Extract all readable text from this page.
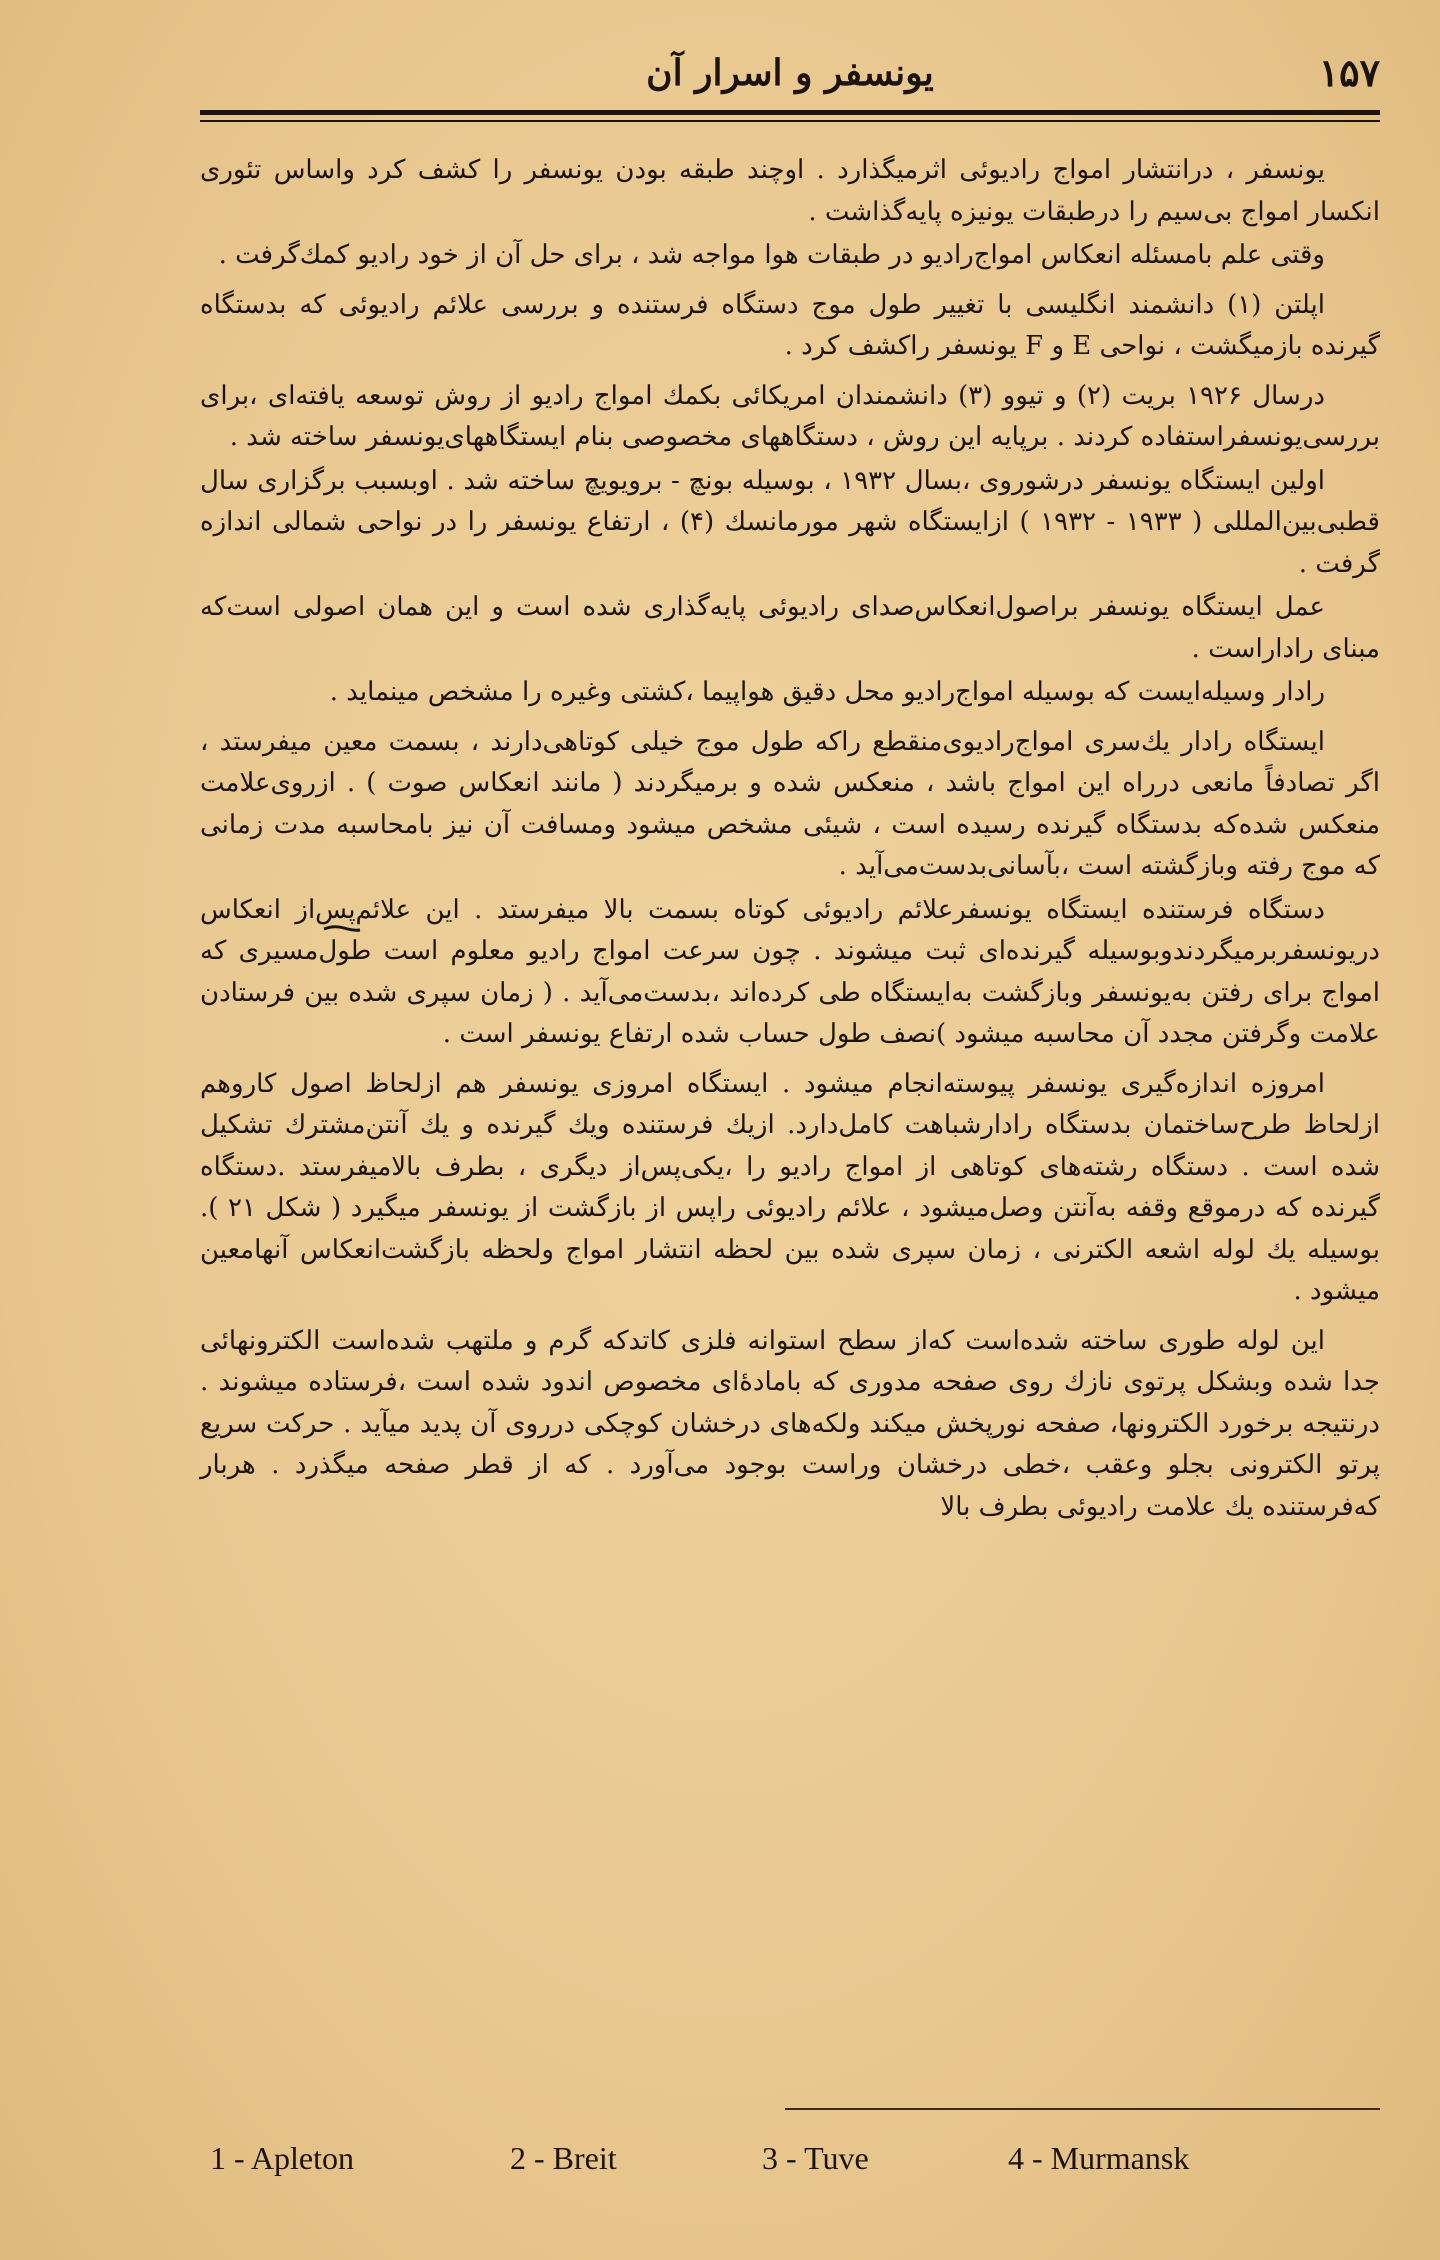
۱۵۷
یونسفر و اسرار آن

یونسفر ، درانتشار امواج رادیوئی اثرمیگذارد . اوچند طبقه بودن یونسفر را کشف کرد واساس تئوری انکسار امواج بی‌سیم را درطبقات یونیزه پایه‌گذاشت .

وقتی علم بامسئله انعکاس امواج‌رادیو در طبقات هوا مواجه شد ، برای حل آن از خود رادیو کمك‌گرفت .

اپلتن (۱) دانشمند انگلیسی با تغییر طول موج دستگاه فرستنده و بررسی علائم رادیوئی که بدستگاه گیرنده بازمیگشت ، نواحی E و F یونسفر راکشف کرد .

درسال ۱۹۲۶ بریت (۲) و تیوو (۳) دانشمندان امریکائی بکمك امواج رادیو از روش توسعه یافته‌ای ،برای بررسی‌یونسفراستفاده کردند . برپایه این روش ، دستگاههای مخصوصی بنام ایستگاههای‌یونسفر ساخته شد .

اولین ایستگاه یونسفر درشوروی ،بسال ۱۹۳۲ ، بوسیله بونچ - برویویچ ساخته شد . اوبسبب برگزاری سال قطبی‌بین‌المللی ( ۱۹۳۳ - ۱۹۳۲ ) ازایستگاه شهر مورمانسك (۴) ، ارتفاع یونسفر را در نواحی شمالی اندازه گرفت .

عمل ایستگاه یونسفر براصول‌انعکاس‌صدای رادیوئی پایه‌گذاری شده است و این همان اصولی است‌که مبنای راداراست .

رادار وسیله‌ایست که بوسیله امواج‌رادیو محل دقیق هواپیما ،کشتی وغیره را مشخص مینماید .

ایستگاه رادار یك‌سری امواج‌رادیوی‌منقطع راکه طول موج خیلی کوتاهی‌دارند ، بسمت معین میفرستد ، اگر تصادفاً مانعی درراه این امواج باشد ، منعکس شده و برمیگردند ( مانند انعکاس صوت ) . ازروی‌علامت منعکس شده‌که بدستگاه گیرنده رسیده است ، شیئی مشخص میشود ومسافت آن نیز بامحاسبه مدت زمانی که موج رفته وبازگشته است ،بآسانی‌بدست‌می‌آید .

دستگاه فرستنده ایستگاه یونسفرعلائم رادیوئی کوتاه بسمت بالا میفرستد . این علائم‌پس‌از انعکاس دریونسفربرمیگردند‌وبوسیله گیرنده‌ای ثبت میشوند . چون سرعت امواج رادیو معلوم است طول‌مسیری که امواج برای رفتن به‌یونسفر وبازگشت به‌ایستگاه طی کرده‌اند ،بدست‌می‌آید . ( زمان سپری شده بین فرستادن علامت وگرفتن مجدد آن محاسبه میشود )نصف طول حساب شده ارتفاع یونسفر است .

امروزه اندازه‌گیری یونسفر پیوسته‌انجام میشود . ایستگاه امروزی یونسفر هم ازلحاظ اصول کاروهم ازلحاظ طرح‌ساختمان بدستگاه رادارشباهت کامل‌دارد. ازیك فرستنده ویك گیرنده و یك آنتن‌مشترك تشکیل شده است . دستگاه رشته‌های کوتاهی از امواج رادیو را ،یکی‌پس‌از دیگری ، بطرف بالامیفرستد .دستگاه گیرنده که درموقع وقفه به‌آنتن وصل‌میشود ، علائم رادیوئی راپس از بازگشت از یونسفر میگیرد ( شکل ۲۱ ). بوسیله یك لوله اشعه الکترنی ، زمان سپری شده بین لحظه انتشار امواج ولحظه بازگشت‌انعکاس آنهامعین میشود .

این لوله طوری ساخته شده‌است که‌از سطح استوانه فلزی کاتدکه گرم و ملتهب شده‌است الکترونهائی جدا شده وبشکل پرتوی نازك روی صفحه مدوری که بامادهٔ‌ای مخصوص اندود شده است ،فرستاده میشوند . درنتیجه برخورد الکترونها، صفحه نورپخش میکند ولکه‌های درخشان کوچکی درروی آن پدید میآید . حرکت سریع پرتو الکترونی بجلو وعقب ،خطی درخشان وراست بوجود می‌آورد . که از قطر صفحه میگذرد . هربار که‌فرستنده یك علامت رادیوئی بطرف بالا

1 - Apleton	2 - Breit	3 - Tuve	4 - Murmansk
